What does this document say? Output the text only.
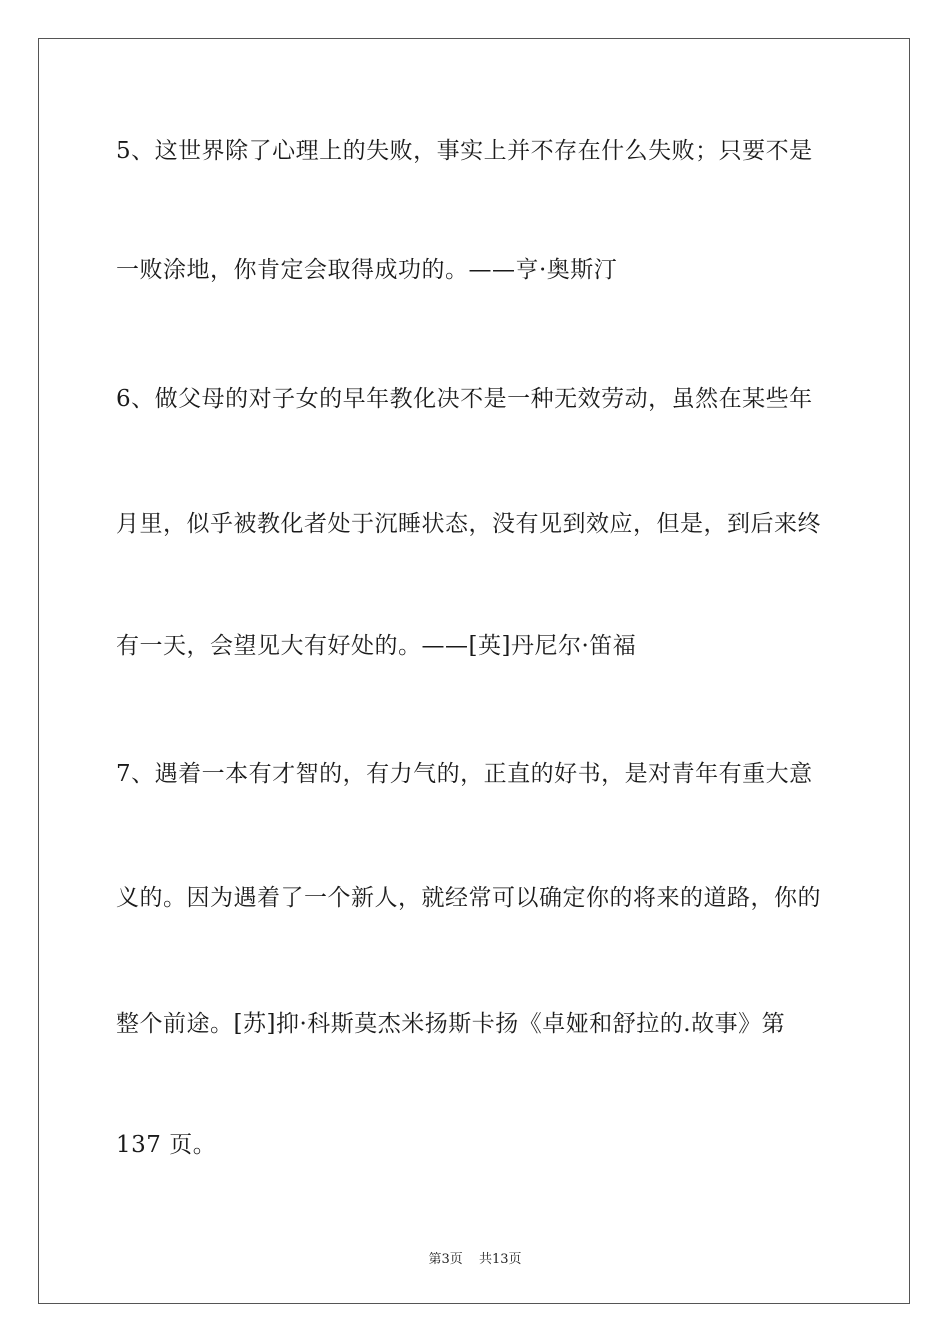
5、这世界除了心理上的失败，事实上并不存在什么失败；只要不是
一败涂地，你肯定会取得成功的。——亨·奥斯汀
6、做父母的对子女的早年教化决不是一种无效劳动，虽然在某些年
月里，似乎被教化者处于沉睡状态，没有见到效应，但是，到后来终
有一天，会望见大有好处的。——[英]丹尼尔·笛福
7、遇着一本有才智的，有力气的，正直的好书，是对青年有重大意
义的。因为遇着了一个新人，就经常可以确定你的将来的道路，你的
整个前途。[苏]抑·科斯莫杰米扬斯卡扬《卓娅和舒拉的.故事》第
137 页。
第3页 共13页
